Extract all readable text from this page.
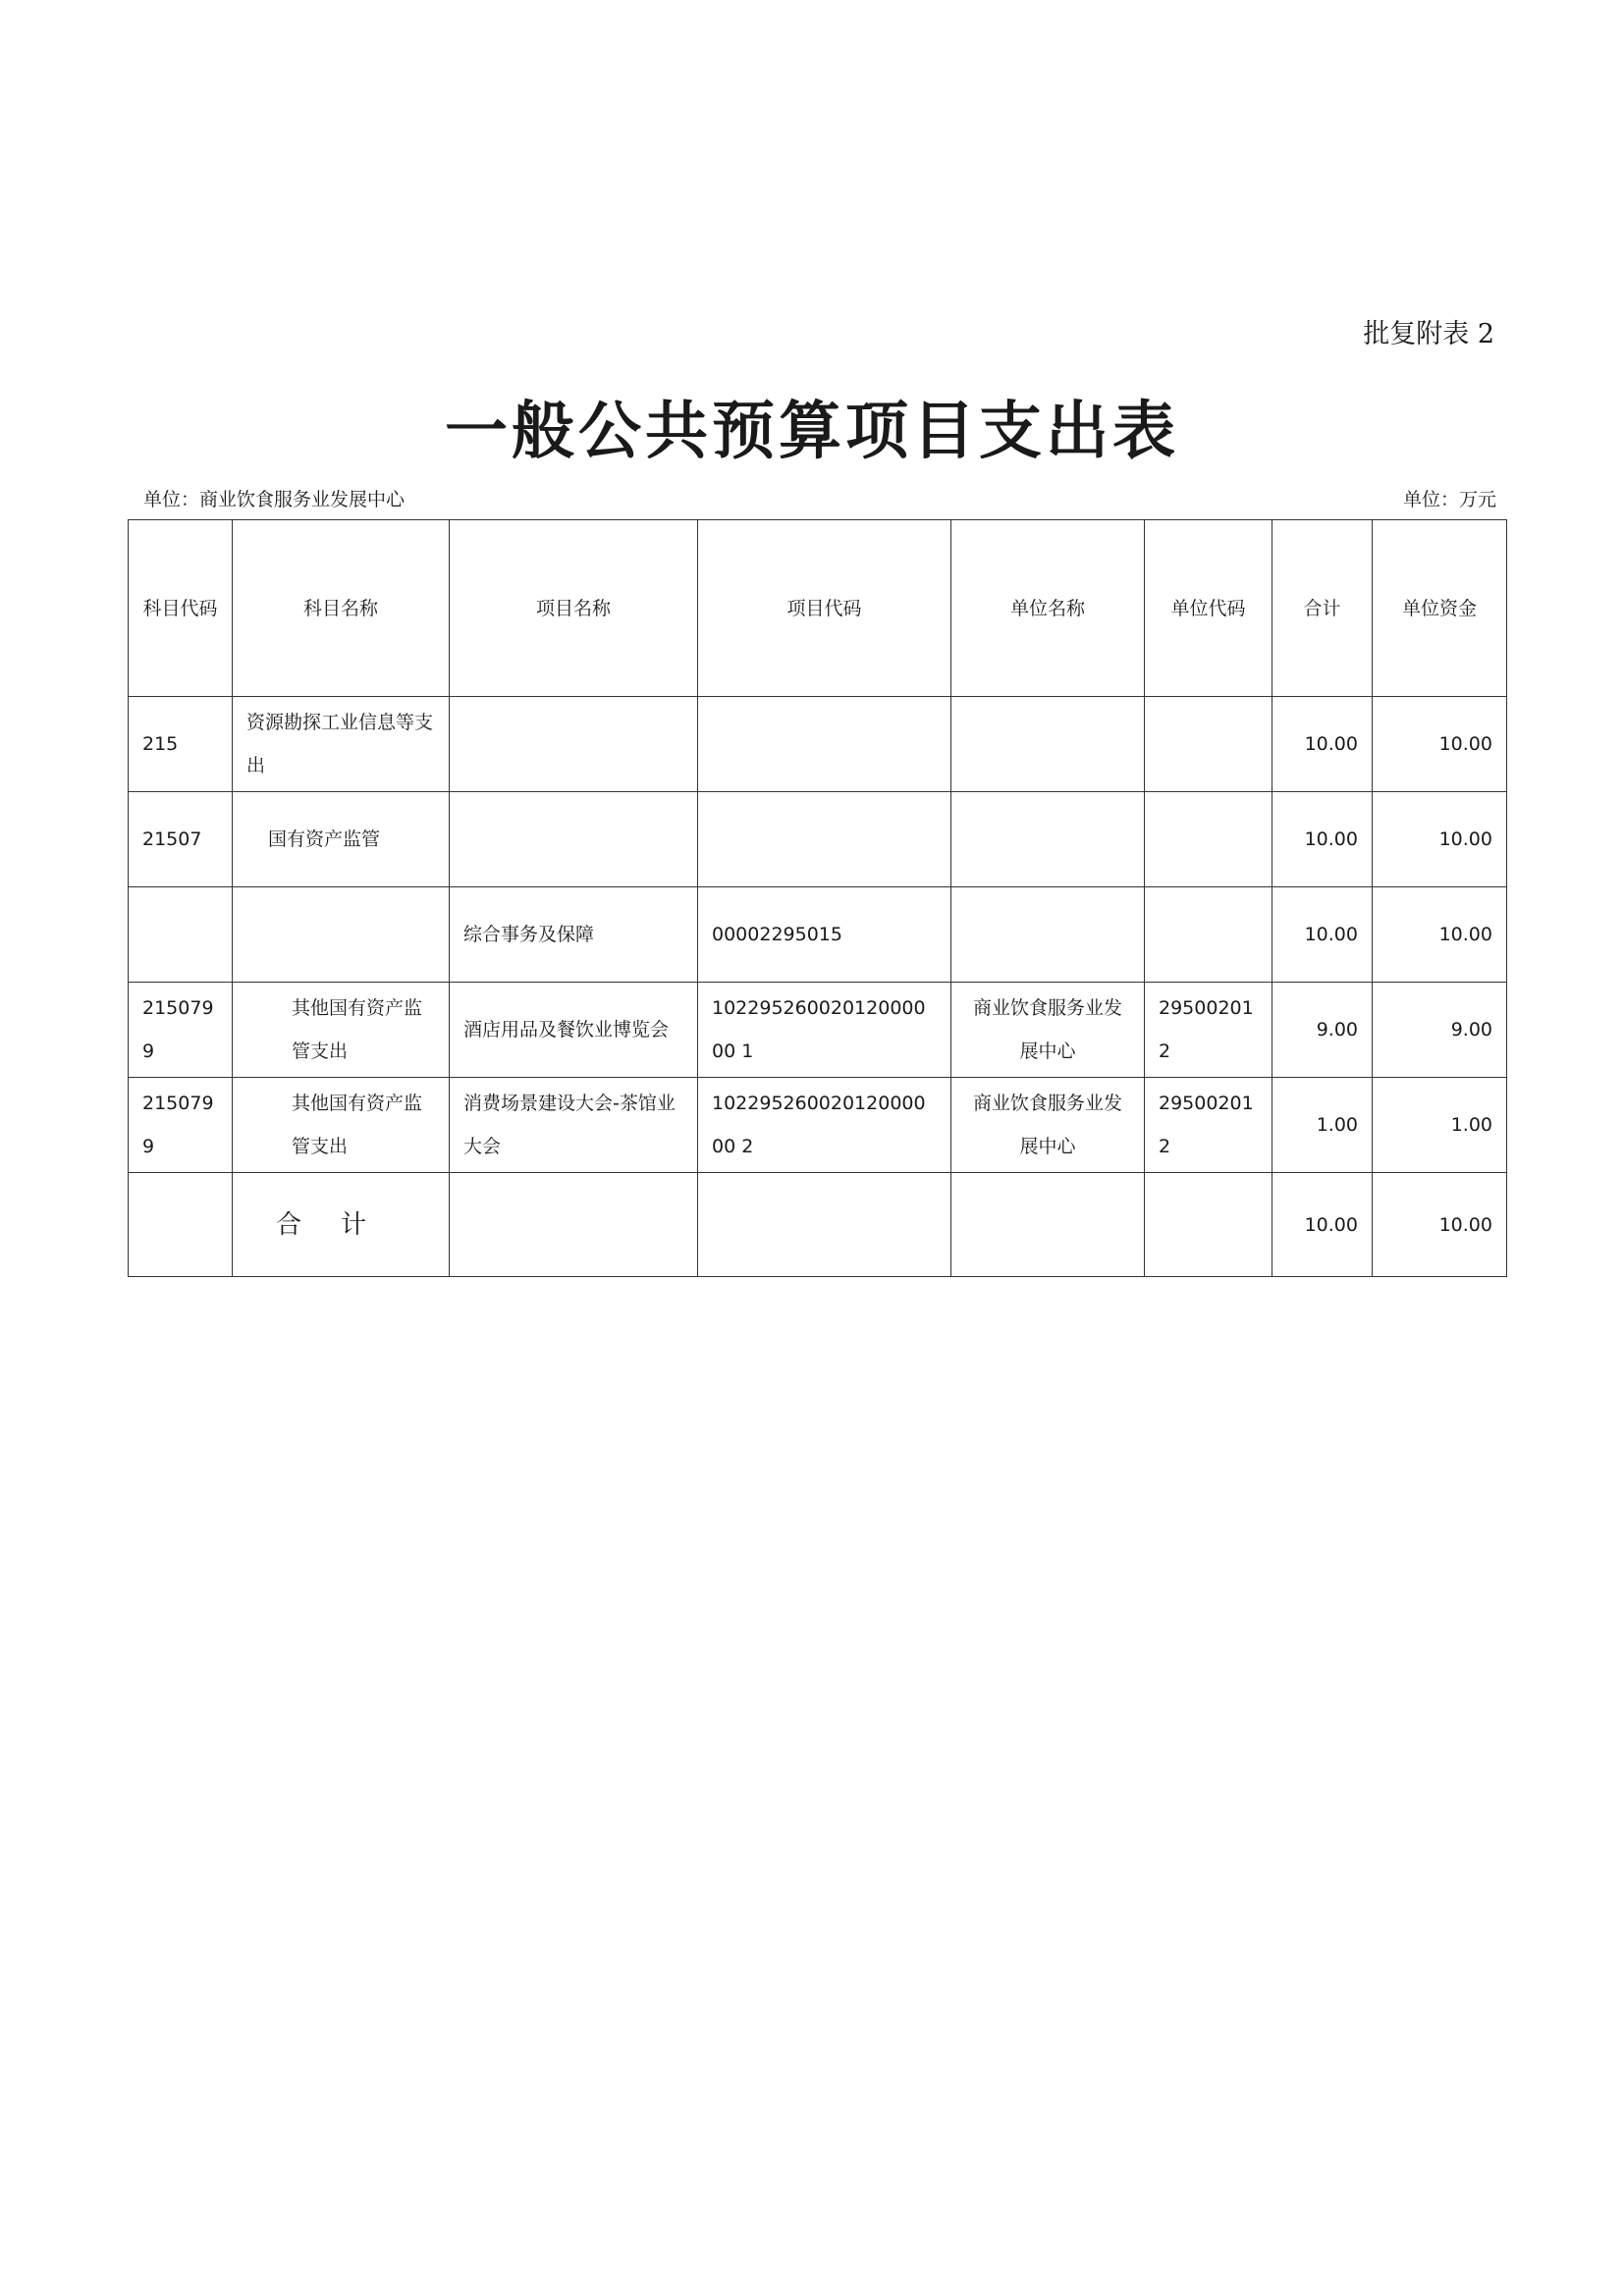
批复附表 2
一般公共预算项目支出表
单位：商业饮食服务业发展中心	单位：万元
科目代码	科目名称	项目名称	项目代码	单位名称	单位代码	合计	单位资金
215	资源勘探工业信息等支出					10.00	10.00
21507	国有资产监管					10.00	10.00
		综合事务及保障	00002295015			10.00	10.00
2150799	其他国有资产监管支出	酒店用品及餐饮业博览会	10229526002012000000 1	商业饮食服务业发展中心	295002012	9.00	9.00
2150799	其他国有资产监管支出	消费场景建设大会-茶馆业大会	10229526002012000000 2	商业饮食服务业发展中心	295002012	1.00	1.00
	合计					10.00	10.00
